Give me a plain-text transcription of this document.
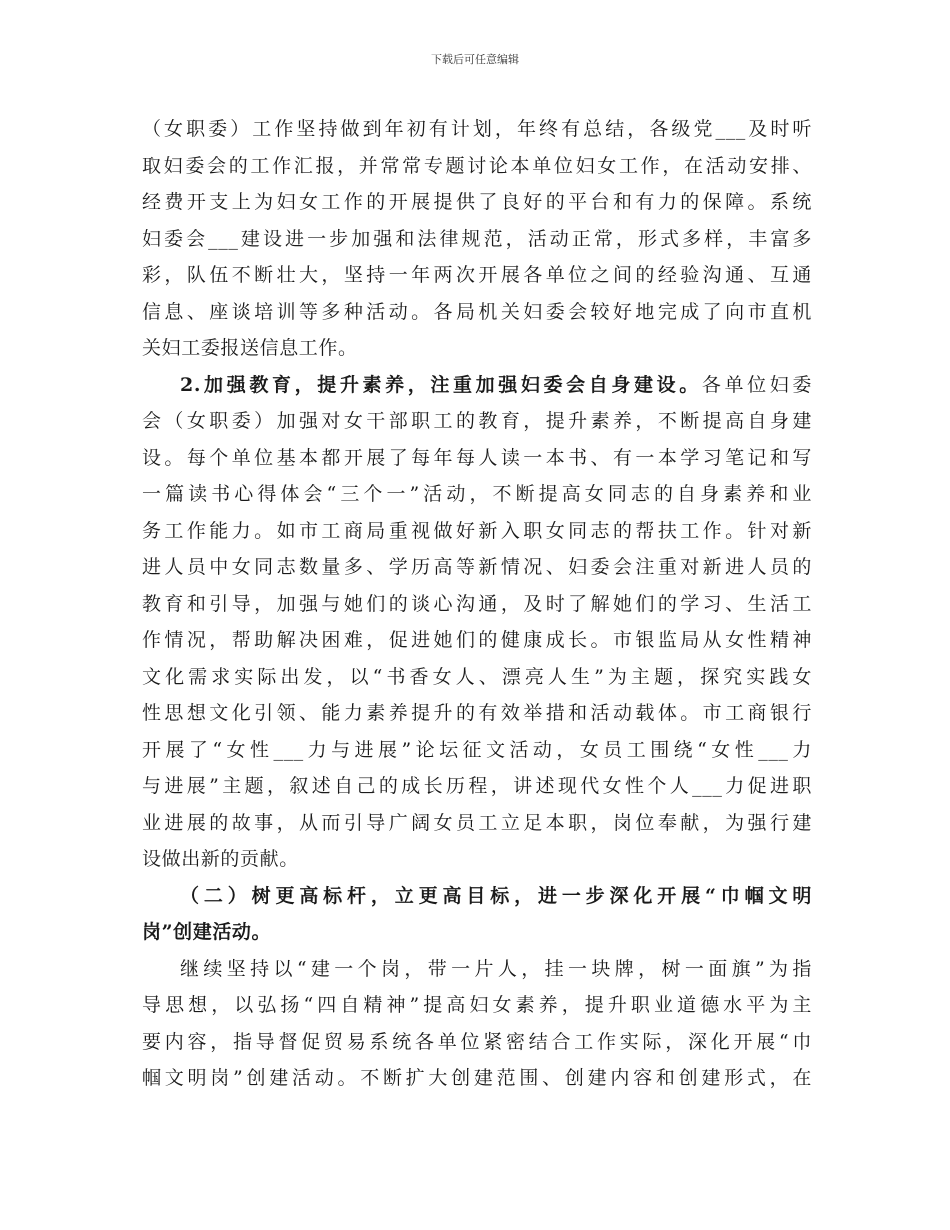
下载后可任意编辑
（女职委）工作坚持做到年初有计划，年终有总结，各级党___及时听
取妇委会的工作汇报，并常常专题讨论本单位妇女工作，在活动安排、
经费开支上为妇女工作的开展提供了良好的平台和有力的保障。系统
妇委会___建设进一步加强和法律规范，活动正常，形式多样，丰富多
彩，队伍不断壮大，坚持一年两次开展各单位之间的经验沟通、互通
信息、座谈培训等多种活动。各局机关妇委会较好地完成了向市直机
关妇工委报送信息工作。
2.加强教育，提升素养，注重加强妇委会自身建设。各单位妇委
会（女职委）加强对女干部职工的教育，提升素养，不断提高自身建
设。每个单位基本都开展了每年每人读一本书、有一本学习笔记和写
一篇读书心得体会“三个一”活动，不断提高女同志的自身素养和业
务工作能力。如市工商局重视做好新入职女同志的帮扶工作。针对新
进人员中女同志数量多、学历高等新情况、妇委会注重对新进人员的
教育和引导，加强与她们的谈心沟通，及时了解她们的学习、生活工
作情况，帮助解决困难，促进她们的健康成长。市银监局从女性精神
文化需求实际出发，以“书香女人、漂亮人生”为主题，探究实践女
性思想文化引领、能力素养提升的有效举措和活动载体。市工商银行
开展了“女性___力与进展”论坛征文活动，女员工围绕“女性___力
与进展”主题，叙述自己的成长历程，讲述现代女性个人___力促进职
业进展的故事，从而引导广阔女员工立足本职，岗位奉献，为强行建
设做出新的贡献。
（二）树更高标杆，立更高目标，进一步深化开展“巾帼文明
岗”创建活动。
继续坚持以“建一个岗，带一片人，挂一块牌，树一面旗”为指
导思想，以弘扬“四自精神”提高妇女素养，提升职业道德水平为主
要内容，指导督促贸易系统各单位紧密结合工作实际，深化开展“巾
帼文明岗”创建活动。不断扩大创建范围、创建内容和创建形式，在
